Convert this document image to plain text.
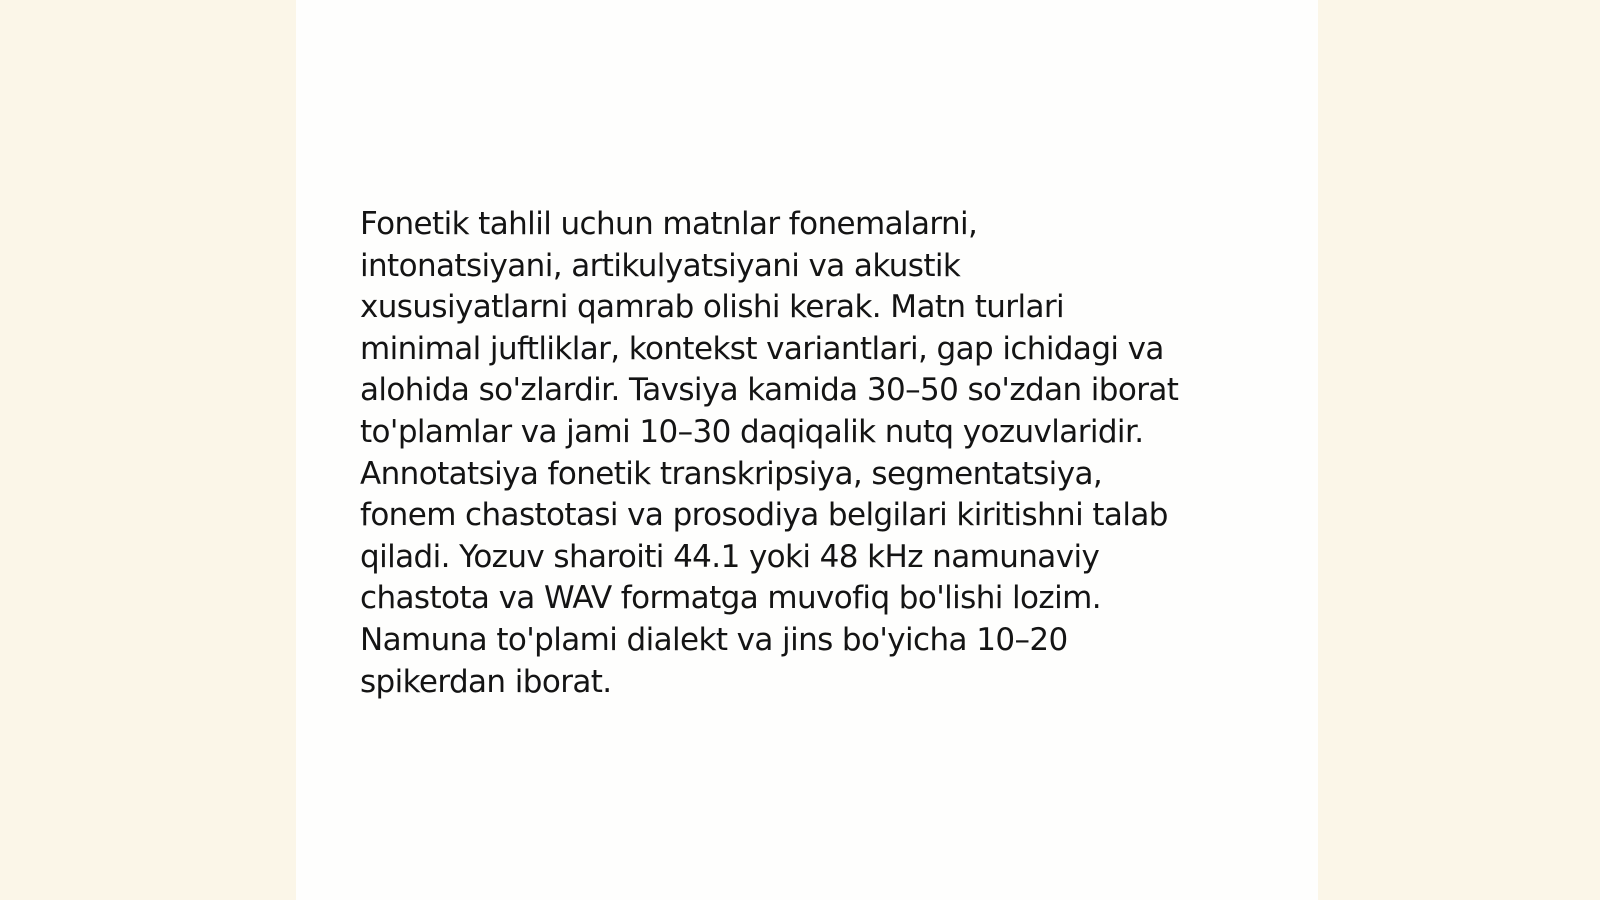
Fonetik tahlil uchun matnlar fonemalarni,
intonatsiyani, artikulyatsiyani va akustik
xususiyatlarni qamrab olishi kerak. Matn turlari
minimal juftliklar, kontekst variantlari, gap ichidagi va
alohida so'zlardir. Tavsiya kamida 30–50 so'zdan iborat
to'plamlar va jami 10–30 daqiqalik nutq yozuvlaridir.
Annotatsiya fonetik transkripsiya, segmentatsiya,
fonem chastotasi va prosodiya belgilari kiritishni talab
qiladi. Yozuv sharoiti 44.1 yoki 48 kHz namunaviy
chastota va WAV formatga muvofiq bo'lishi lozim.
Namuna to'plami dialekt va jins bo'yicha 10–20
spikerdan iborat.
